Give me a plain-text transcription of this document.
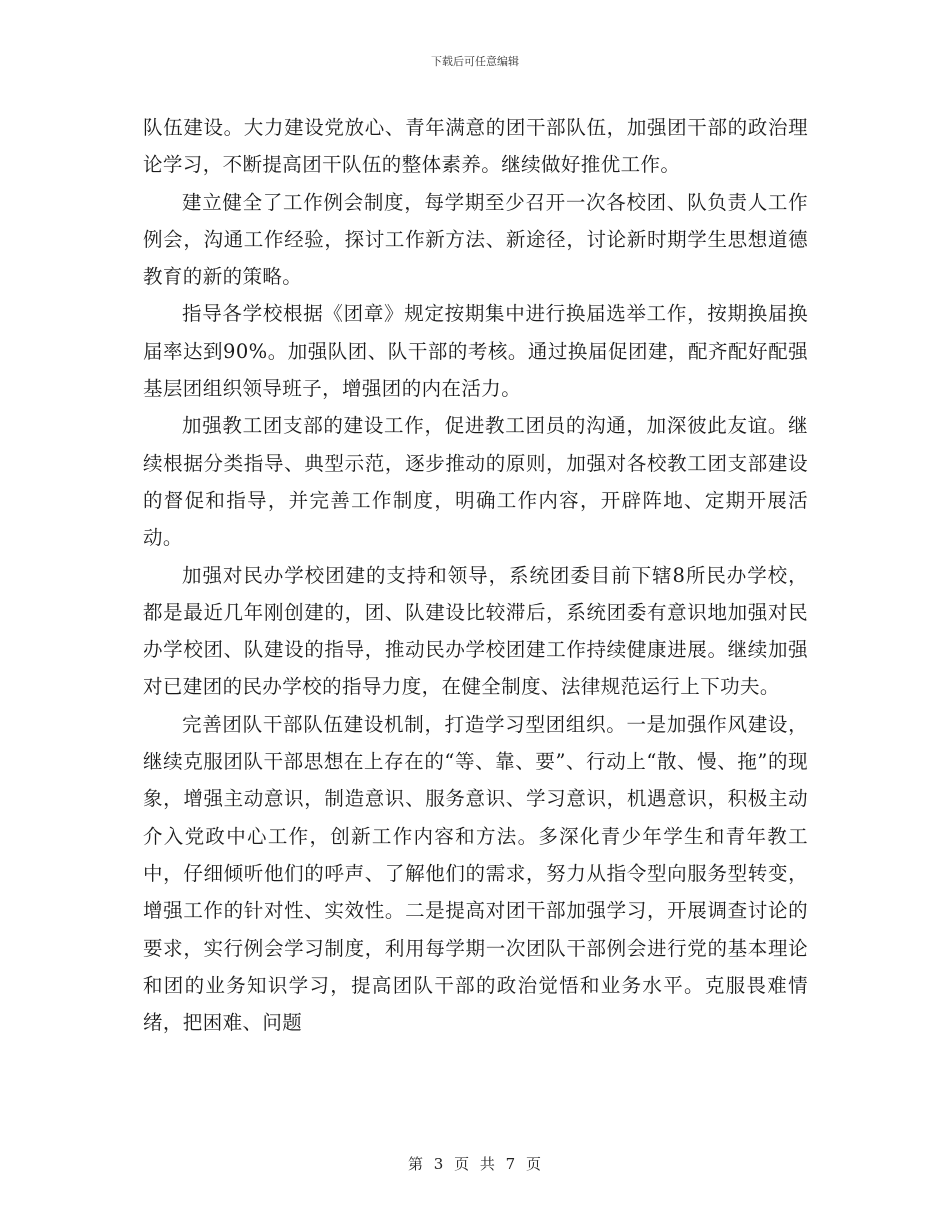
下载后可任意编辑

队伍建设。大力建设党放心、青年满意的团干部队伍，加强团干部的政治理论学习，不断提高团干队伍的整体素养。继续做好推优工作。

建立健全了工作例会制度，每学期至少召开一次各校团、队负责人工作例会，沟通工作经验，探讨工作新方法、新途径，讨论新时期学生思想道德教育的新的策略。

指导各学校根据《团章》规定按期集中进行换届选举工作，按期换届换届率达到90%。加强队团、队干部的考核。通过换届促团建，配齐配好配强基层团组织领导班子，增强团的内在活力。

加强教工团支部的建设工作，促进教工团员的沟通，加深彼此友谊。继续根据分类指导、典型示范，逐步推动的原则，加强对各校教工团支部建设的督促和指导，并完善工作制度，明确工作内容，开辟阵地、定期开展活动。

加强对民办学校团建的支持和领导，系统团委目前下辖8所民办学校，都是最近几年刚创建的，团、队建设比较滞后，系统团委有意识地加强对民办学校团、队建设的指导，推动民办学校团建工作持续健康进展。继续加强对已建团的民办学校的指导力度，在健全制度、法律规范运行上下功夫。

完善团队干部队伍建设机制，打造学习型团组织。一是加强作风建设，继续克服团队干部思想在上存在的“等、靠、要”、行动上“散、慢、拖”的现象，增强主动意识，制造意识、服务意识、学习意识，机遇意识，积极主动介入党政中心工作，创新工作内容和方法。多深化青少年学生和青年教工中，仔细倾听他们的呼声、了解他们的需求，努力从指令型向服务型转变，增强工作的针对性、实效性。二是提高对团干部加强学习，开展调查讨论的要求，实行例会学习制度，利用每学期一次团队干部例会进行党的基本理论和团的业务知识学习，提高团队干部的政治觉悟和业务水平。克服畏难情绪，把困难、问题

第 3 页 共 7 页
